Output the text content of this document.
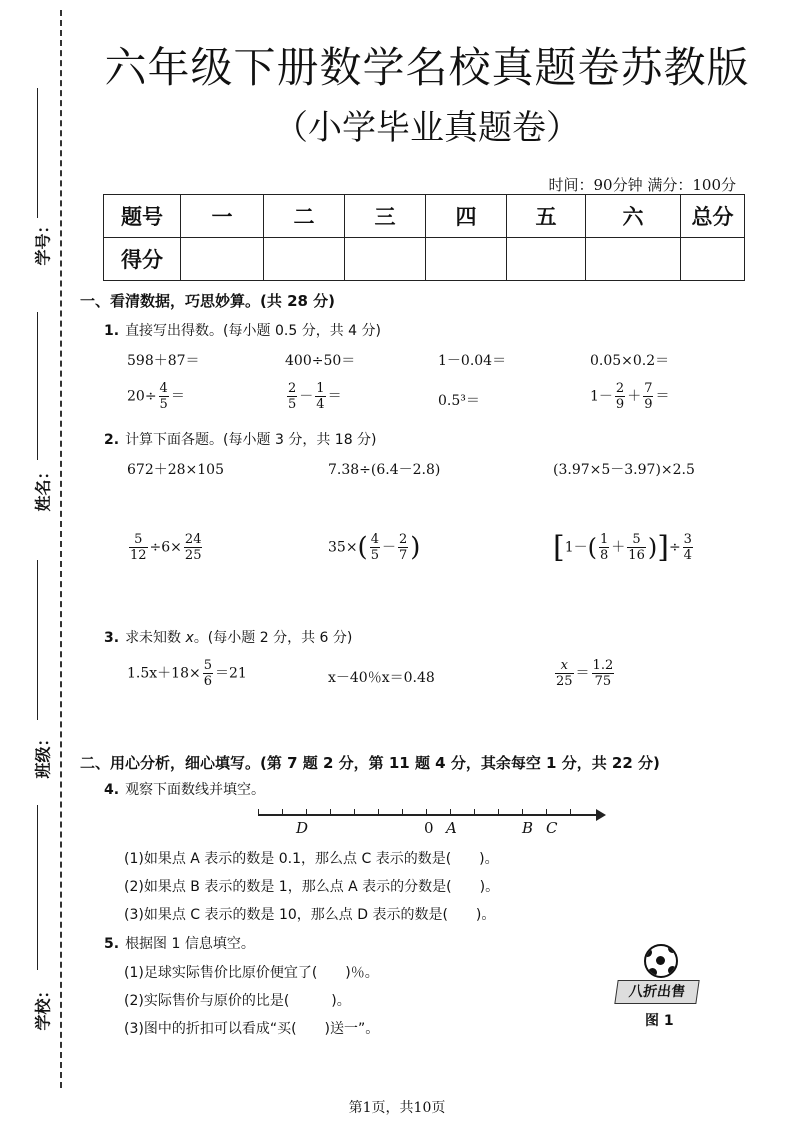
学号：
姓名：
班级：
学校：
六年级下册数学名校真题卷苏教版
（小学毕业真题卷）
时间：90分钟 满分：100分
题号	一	二	三	四	五	六	总分
得分							
一、看清数据，巧思妙算。(共 28 分)
1. 直接写出得数。(每小题 0.5 分，共 4 分)
598＋87＝	400÷50＝	1－0.04＝	0.05×0.2＝
$20\div \frac{4}{5}$ ＝	$\frac{2}{5} - \frac{1}{4}$ ＝	0.5³＝	$1- \frac{2}{9} + \frac{7}{9}$ ＝
2. 计算下面各题。(每小题 3 分，共 18 分)
672＋28×105	7.38÷(6.4－2.8)	(3.97×5－3.97)×2.5
$\frac{5}{12} \div 6\times \frac{24}{25}$	$35\times( \frac{4}{5} - \frac{2}{7}$ )	[$1-( \frac{1}{8} + \frac{5}{16}$ )]÷ $\frac{3}{4}$
3. 求未知数 x。(每小题 2 分，共 6 分)
$1.5x+18\times \frac{5}{6} =21$	x－40％x＝0.48	$\frac{x}{25} = \frac{1.2}{75}$
二、用心分析，细心填写。(第 7 题 2 分，第 11 题 4 分，其余每空 1 分，共 22 分)
4. 观察下面数线并填空。
D	0 A	B C
(1)如果点 A 表示的数是 0.1，那么点 C 表示的数是(　　)。
(2)如果点 B 表示的数是 1，那么点 A 表示的分数是(　　)。
(3)如果点 C 表示的数是 10，那么点 D 表示的数是(　　)。
5. 根据图 1 信息填空。
(1)足球实际售价比原价便宜了(　　)％。
(2)实际售价与原价的比是(　　　)。
(3)图中的折扣可以看成“买(　　)送一”。
八折出售
图 1
第1页，共10页
